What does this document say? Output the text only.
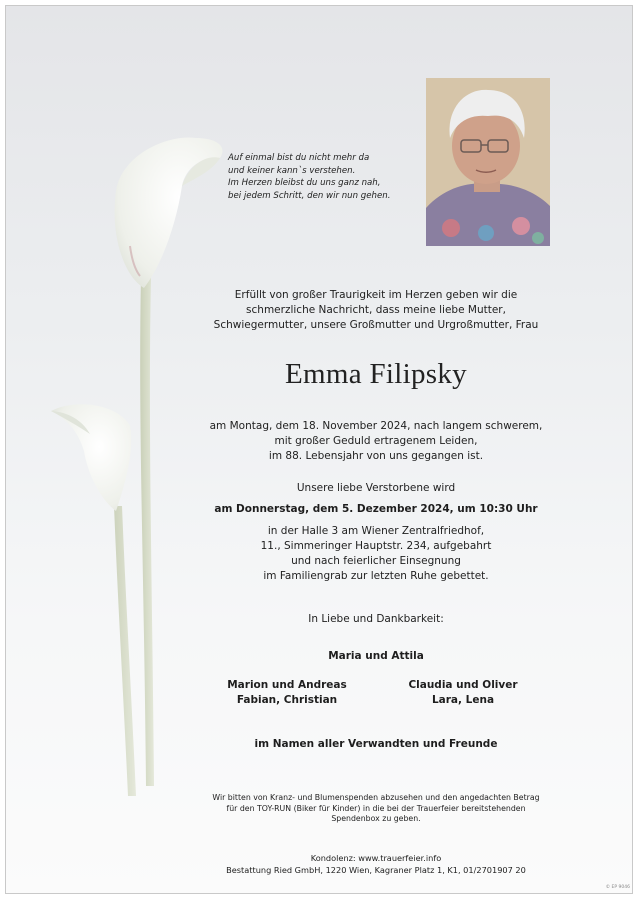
Auf einmal bist du nicht mehr da
und keiner kann`s verstehen.
Im Herzen bleibst du uns ganz nah,
bei jedem Schritt, den wir nun gehen.
Erfüllt von großer Traurigkeit im Herzen geben wir die
schmerzliche Nachricht, dass meine liebe Mutter,
Schwiegermutter, unsere Großmutter und Urgroßmutter, Frau
Emma Filipsky
am Montag, dem 18. November 2024, nach langem schwerem,
mit großer Geduld ertragenem Leiden,
im 88. Lebensjahr von uns gegangen ist.
Unsere liebe Verstorbene wird
am Donnerstag, dem 5. Dezember 2024, um 10:30 Uhr
in der Halle 3 am Wiener Zentralfriedhof,
11., Simmeringer Hauptstr. 234, aufgebahrt
und nach feierlicher Einsegnung
im Familiengrab zur letzten Ruhe gebettet.
In Liebe und Dankbarkeit:
Maria und Attila
Marion und Andreas
Fabian, Christian
Claudia und Oliver
Lara, Lena
im Namen aller Verwandten und Freunde
Wir bitten von Kranz- und Blumenspenden abzusehen und den angedachten Betrag
für den TOY-RUN (Biker für Kinder) in die bei der Trauerfeier bereitstehenden
Spendenbox zu geben.
Kondolenz: www.trauerfeier.info
Bestattung Ried GmbH, 1220 Wien, Kagraner Platz 1, K1, 01/2701907 20
© EP 9046
